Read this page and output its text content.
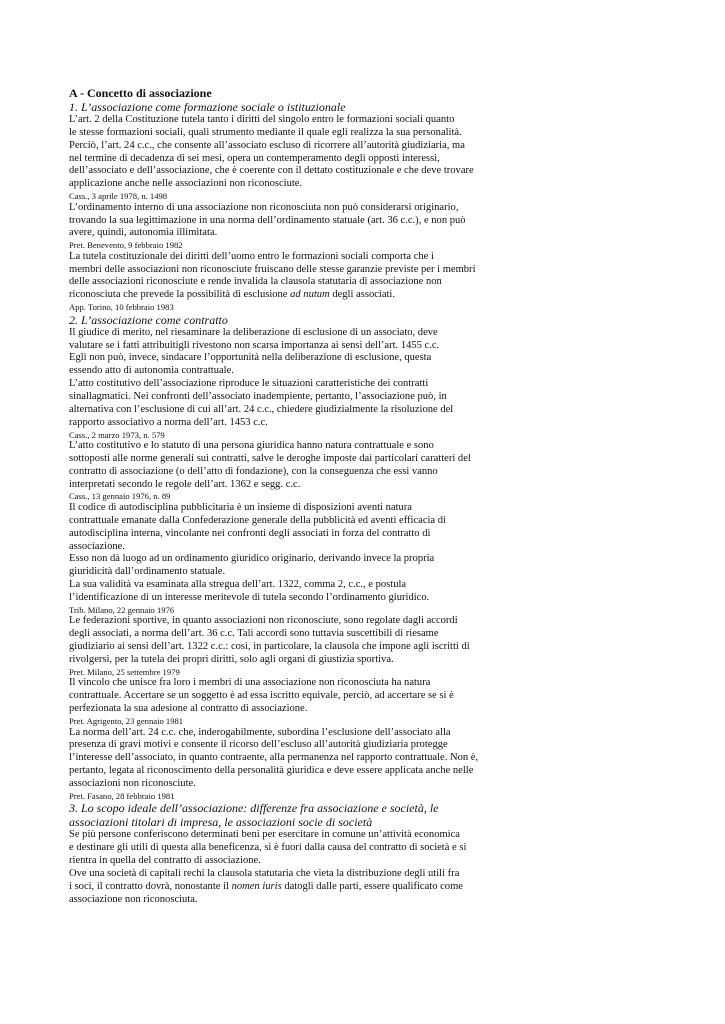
A - Concetto di associazione
1. L’associazione come formazione sociale o istituzionale
L’art. 2 della Costituzione tutela tanto i diritti del singolo entro le formazioni sociali quanto
le stesse formazioni sociali, quali strumento mediante il quale egli realizza la sua personalità.
Perciò, l’art. 24 c.c., che consente all’associato escluso di ricorrere all’autorità giudiziaria, ma
nel termine di decadenza di sei mesi, opera un contemperamento degli opposti interessi,
dell’associato e dell’associazione, che è coerente con il dettato costituzionale e che deve trovare
applicazione anche nelle associazioni non riconosciute.
Cass., 3 aprile 1978, n. 1498
L’ordinamento interno di una associazione non riconosciuta non può considerarsi originario,
trovando la sua legittimazione in una norma dell’ordinamento statuale (art. 36 c.c.), e non può
avere, quindi, autonomia illimitata.
Pret. Benevento, 9 febbraio 1982
La tutela costituzionale dei diritti dell’uomo entro le formazioni sociali comporta che i
membri delle associazioni non riconosciute fruiscano delle stesse garanzie previste per i membri
delle associazioni riconosciute e rende invalida la clausola statutaria di associazione non
riconosciuta che prevede la possibilità di esclusione ad nutum degli associati.
App. Torino, 10 febbraio 1983
2. L’associazione come contratto
Il giudice di merito, nel riesaminare la deliberazione di esclusione di un associato, deve
valutare se i fatti attribuitigli rivestono non scarsa importanza ai sensi dell’art. 1455 c.c.
Egli non può, invece, sindacare l’opportunità nella deliberazione di esclusione, questa
essendo atto di autonomia contrattuale.
L’atto costitutivo dell’associazione riproduce le situazioni caratteristiche dei contratti
sinallagmatici. Nei confronti dell’associato inadempiente, pertanto, l’associazione può, in
alternativa con l’esclusione di cui all’art. 24 c.c., chiedere giudizialmente la risoluzione del
rapporto associativo a norma dell’art. 1453 c.c.
Cass., 2 marzo 1973, n. 579
L’atto costitutivo e lo statuto di una persona giuridica hanno natura contrattuale e sono
sottoposti alle norme generali sui contratti, salve le deroghe imposte dai particolari caratteri del
contratto di associazione (o dell’atto di fondazione), con la conseguenza che essi vanno
interpretati secondo le regole dell’art. 1362 e segg. c.c.
Cass., 13 gennaio 1976, n. 89
Il codice di autodisciplina pubblicitaria è un insieme di disposizioni aventi natura
contrattuale emanate dalla Confederazione generale della pubblicità ed aventi efficacia di
autodisciplina interna, vincolante nei confronti degli associati in forza del contratto di
associazione.
Esso non dà luogo ad un ordinamento giuridico originario, derivando invece la propria
giuridicità dall’ordinamento statuale.
La sua validità va esaminata alla stregua dell’art. 1322, comma 2, c.c., e postula
l’identificazione di un interesse meritevole di tutela secondo l’ordinamento giuridico.
Trib. Milano, 22 gennaio 1976
Le federazioni sportive, in quanto associazioni non riconosciute, sono regolate dagli accordi
degli associati, a norma dell’art. 36 c.c. Tali accordi sono tuttavia suscettibili di riesame
giudiziario ai sensi dell’art. 1322 c.c.: così, in particolare, la clausola che impone agli iscritti di
rivolgersi, per la tutela dei propri diritti, solo agli organi di giustizia sportiva.
Pret. Milano, 25 settembre 1979
Il vincolo che unisce fra loro i membri di una associazione non riconosciuta ha natura
contrattuale. Accertare se un soggetto è ad essa iscritto equivale, perciò, ad accertare se si è
perfezionata la sua adesione al contratto di associazione.
Pret. Agrigento, 23 gennaio 1981
La norma dell’art. 24 c.c. che, inderogabilmente, subordina l’esclusione dell’associato alla
presenza di gravi motivi e consente il ricorso dell’escluso all’autorità giudiziaria protegge
l’interesse dell’associato, in quanto contraente, alla permanenza nel rapporto contrattuale. Non è,
pertanto, legata al riconoscimento della personalità giuridica e deve essere applicata anche nelle
associazioni non riconosciute.
Pret. Fasano, 28 febbraio 1981
3. Lo scopo ideale dell’associazione: differenze fra associazione e società, le
associazioni titolari di impresa, le associazioni socie di società
Se più persone conferiscono determinati beni per esercitare in comune un’attività economica
e destinare gli utili di questa alla beneficenza, si è fuori dalla causa del contratto di società e si
rientra in quella del contratto di associazione.
Ove una società di capitali rechi la clausola statutaria che vieta la distribuzione degli utili fra
i soci, il contratto dovrà, nonostante il nomen iuris datogli dalle parti, essere qualificato come
associazione non riconosciuta.
